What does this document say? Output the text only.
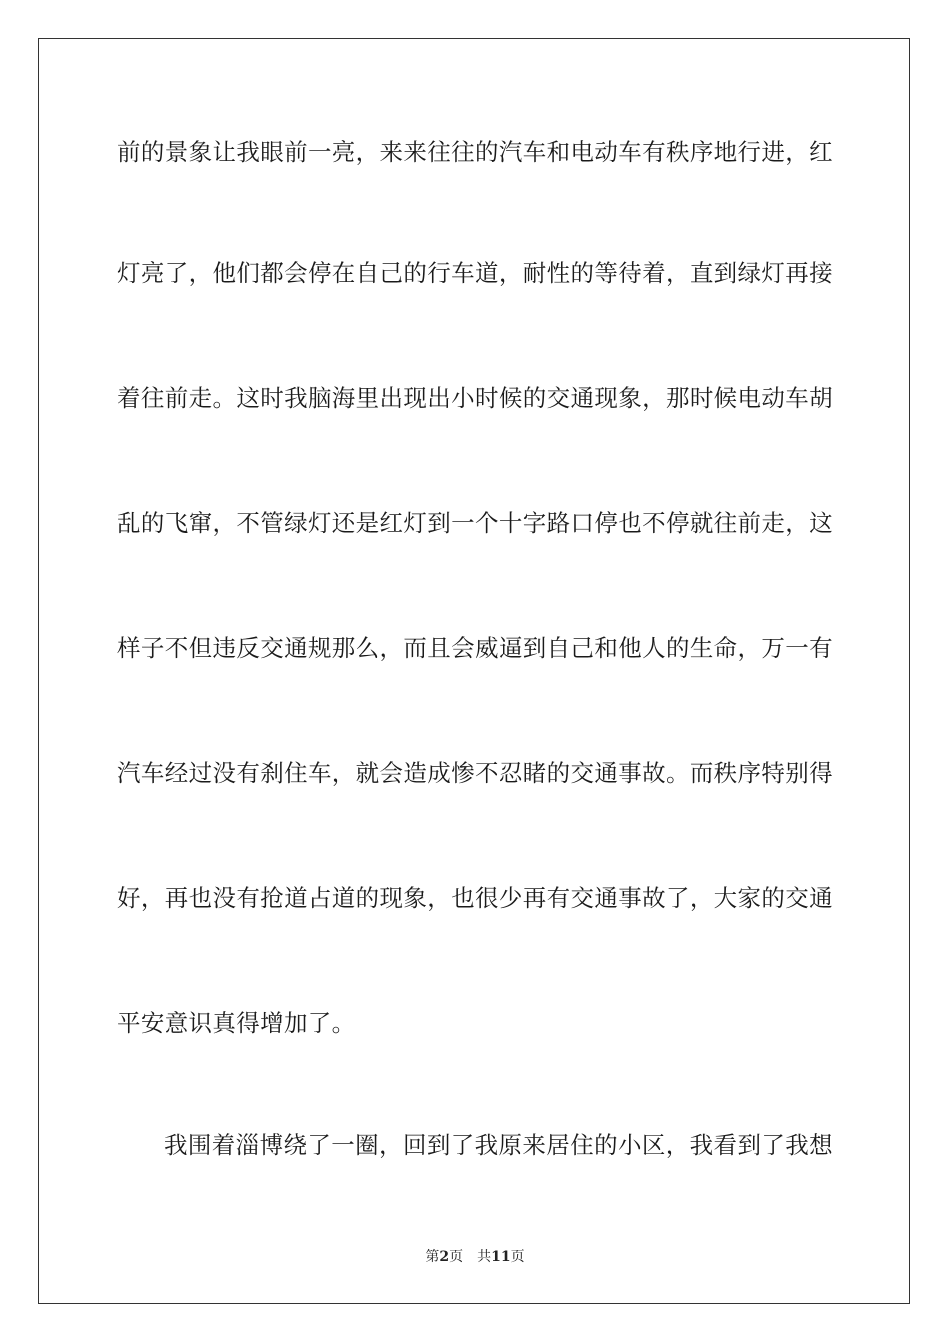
前的景象让我眼前一亮，来来往往的汽车和电动车有秩序地行进，红
灯亮了，他们都会停在自己的行车道，耐性的等待着，直到绿灯再接
着往前走。这时我脑海里出现出小时候的交通现象，那时候电动车胡
乱的飞窜，不管绿灯还是红灯到一个十字路口停也不停就往前走，这
样子不但违反交通规那么，而且会威逼到自己和他人的生命，万一有
汽车经过没有刹住车，就会造成惨不忍睹的交通事故。而秩序特别得
好，再也没有抢道占道的现象，也很少再有交通事故了，大家的交通
平安意识真得增加了。
我围着淄博绕了一圈，回到了我原来居住的小区，我看到了我想
第2页 共11页
